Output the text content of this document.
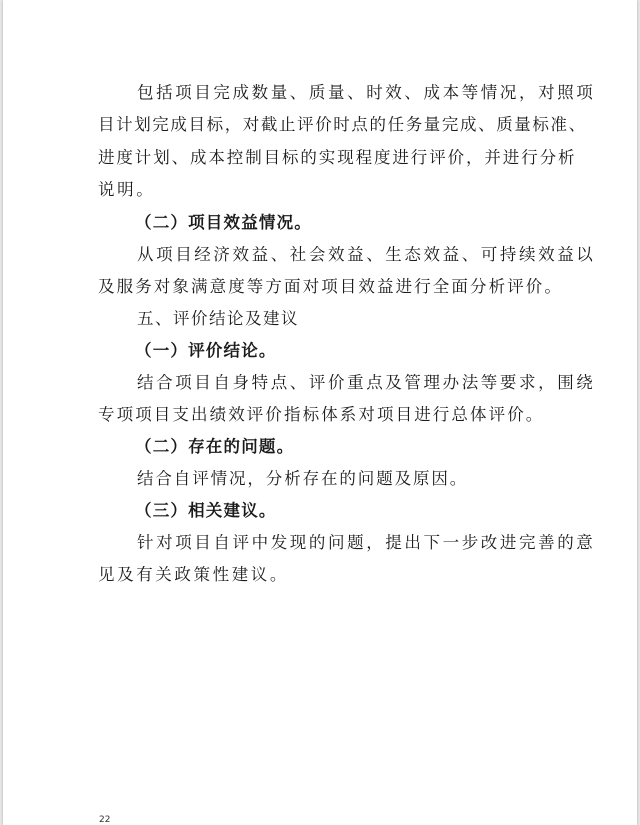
包括项目完成数量、质量、时效、成本等情况，对照项
目计划完成目标，对截止评价时点的任务量完成、质量标准、
进度计划、成本控制目标的实现程度进行评价，并进行分析
说明。
（二）项目效益情况。
从项目经济效益、社会效益、生态效益、可持续效益以
及服务对象满意度等方面对项目效益进行全面分析评价。
五、评价结论及建议
（一）评价结论。
结合项目自身特点、评价重点及管理办法等要求，围绕
专项项目支出绩效评价指标体系对项目进行总体评价。
（二）存在的问题。
结合自评情况，分析存在的问题及原因。
（三）相关建议。
针对项目自评中发现的问题，提出下一步改进完善的意
见及有关政策性建议。
22
